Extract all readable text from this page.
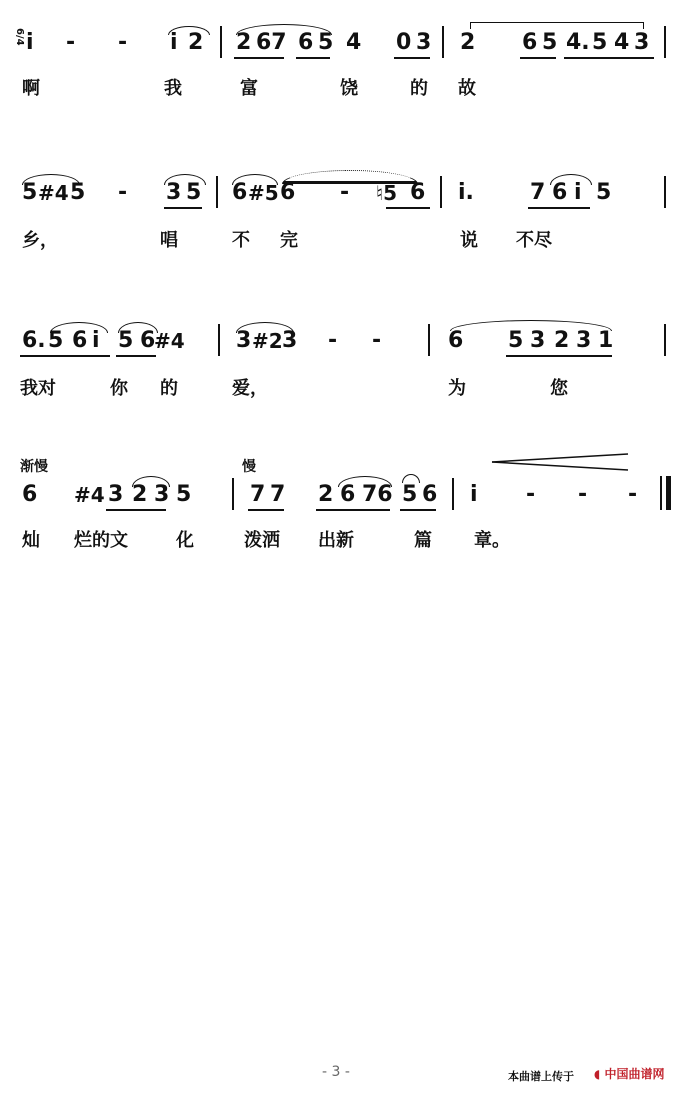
6/4 i - - i 2 2 67 6 5 4 0 3 2 6 5 4. 5 4 3
啊	我	富	饶	的 故
5 #4 5 - 3 5 6 #5 6 - ♮5 6 i.	7 6 i 5
乡，	唱	不 完	说 不尽
6. 5 6 i 5 6
#4 3 #2 3 - -	6 5 3 2 3 1
我对	你 的	爱，	为	您
渐慢	慢
6 #4 3 2 3 5	7 7 2 6 76 5 6 i - - -
灿 烂的文	化	泼洒 出新	篇 章。
- 3 -	本曲谱上传于 ◖ 中国曲谱网
